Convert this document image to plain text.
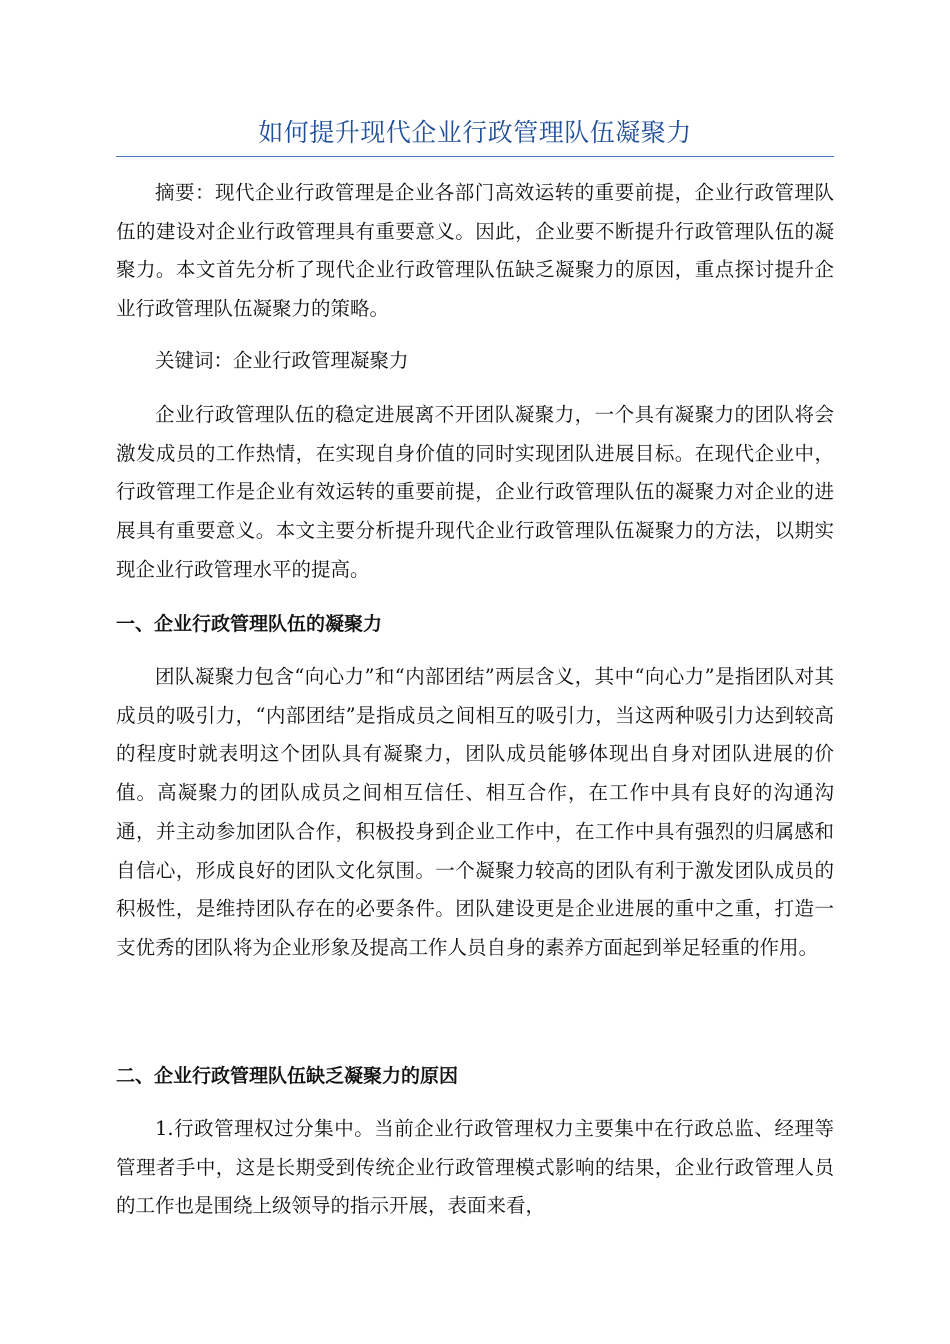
如何提升现代企业行政管理队伍凝聚力

摘要：现代企业行政管理是企业各部门高效运转的重要前提，企业行政管理队伍的建设对企业行政管理具有重要意义。因此，企业要不断提升行政管理队伍的凝聚力。本文首先分析了现代企业行政管理队伍缺乏凝聚力的原因，重点探讨提升企业行政管理队伍凝聚力的策略。

关键词：企业行政管理凝聚力

企业行政管理队伍的稳定进展离不开团队凝聚力，一个具有凝聚力的团队将会激发成员的工作热情，在实现自身价值的同时实现团队进展目标。在现代企业中，行政管理工作是企业有效运转的重要前提，企业行政管理队伍的凝聚力对企业的进展具有重要意义。本文主要分析提升现代企业行政管理队伍凝聚力的方法，以期实现企业行政管理水平的提高。

一、企业行政管理队伍的凝聚力

团队凝聚力包含“向心力”和“内部团结”两层含义，其中“向心力”是指团队对其成员的吸引力，“内部团结”是指成员之间相互的吸引力，当这两种吸引力达到较高的程度时就表明这个团队具有凝聚力，团队成员能够体现出自身对团队进展的价值。高凝聚力的团队成员之间相互信任、相互合作，在工作中具有良好的沟通沟通，并主动参加团队合作，积极投身到企业工作中，在工作中具有强烈的归属感和自信心，形成良好的团队文化氛围。一个凝聚力较高的团队有利于激发团队成员的积极性，是维持团队存在的必要条件。团队建设更是企业进展的重中之重，打造一支优秀的团队将为企业形象及提高工作人员自身的素养方面起到举足轻重的作用。

二、企业行政管理队伍缺乏凝聚力的原因

1.行政管理权过分集中。当前企业行政管理权力主要集中在行政总监、经理等管理者手中，这是长期受到传统企业行政管理模式影响的结果，企业行政管理人员的工作也是围绕上级领导的指示开展，表面来看，
